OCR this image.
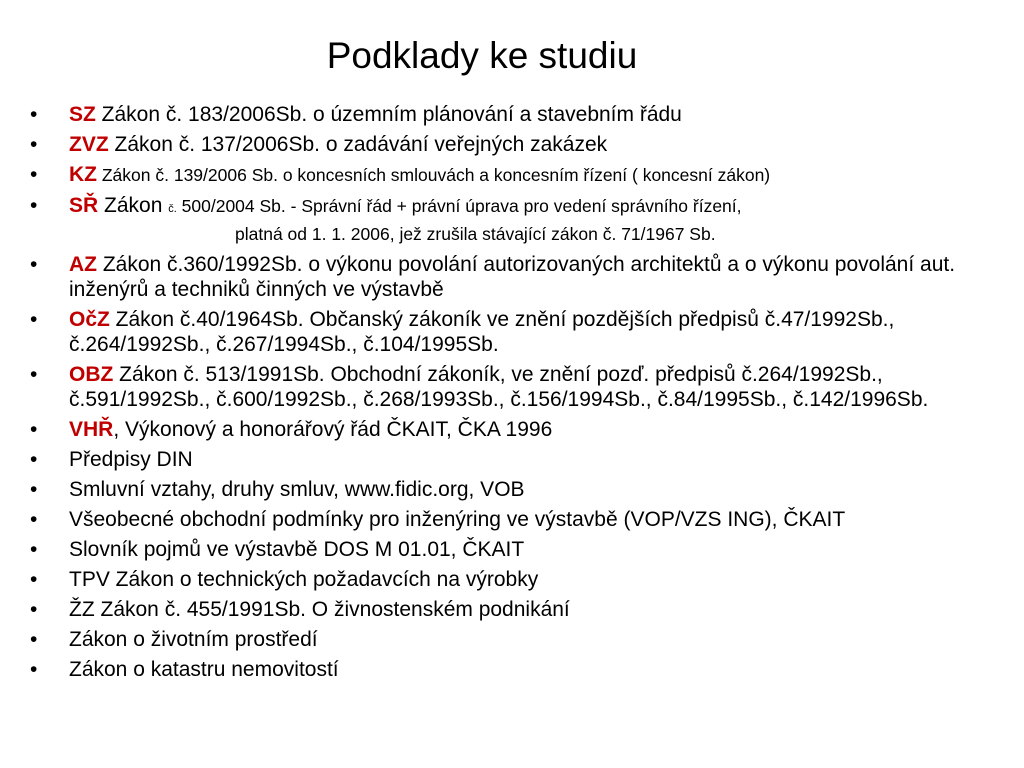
Podklady ke studiu
• SZ Zákon č. 183/2006Sb. o územním plánování a stavebním řádu
• ZVZ Zákon č. 137/2006Sb. o zadávání veřejných zakázek
• KZ Zákon č. 139/2006 Sb. o koncesních smlouvách a koncesním řízení ( koncesní zákon)
• SŘ Zákon č. 500/2004 Sb. - Správní řád + právní úprava pro vedení správního řízení,
platná od 1. 1. 2006, jež zrušila stávající zákon č. 71/1967 Sb.
• AZ Zákon č.360/1992Sb. o výkonu povolání autorizovaných architektů a o výkonu povolání aut. inženýrů a techniků činných ve výstavbě
• OčZ Zákon č.40/1964Sb. Občanský zákoník ve znění pozdějších předpisů č.47/1992Sb., č.264/1992Sb., č.267/1994Sb., č.104/1995Sb.
• OBZ Zákon č. 513/1991Sb. Obchodní zákoník, ve znění pozď. předpisů č.264/1992Sb., č.591/1992Sb., č.600/1992Sb., č.268/1993Sb., č.156/1994Sb., č.84/1995Sb., č.142/1996Sb.
• VHŘ, Výkonový a honorářový řád ČKAIT, ČKA 1996
• Předpisy DIN
• Smluvní vztahy, druhy smluv, www.fidic.org, VOB
• Všeobecné obchodní podmínky pro inženýring ve výstavbě (VOP/VZS ING), ČKAIT
• Slovník pojmů ve výstavbě DOS M 01.01, ČKAIT
• TPV Zákon o technických požadavcích na výrobky
• ŽZ Zákon č. 455/1991Sb. O živnostenském podnikání
• Zákon o životním prostředí
• Zákon o katastru nemovitostí
